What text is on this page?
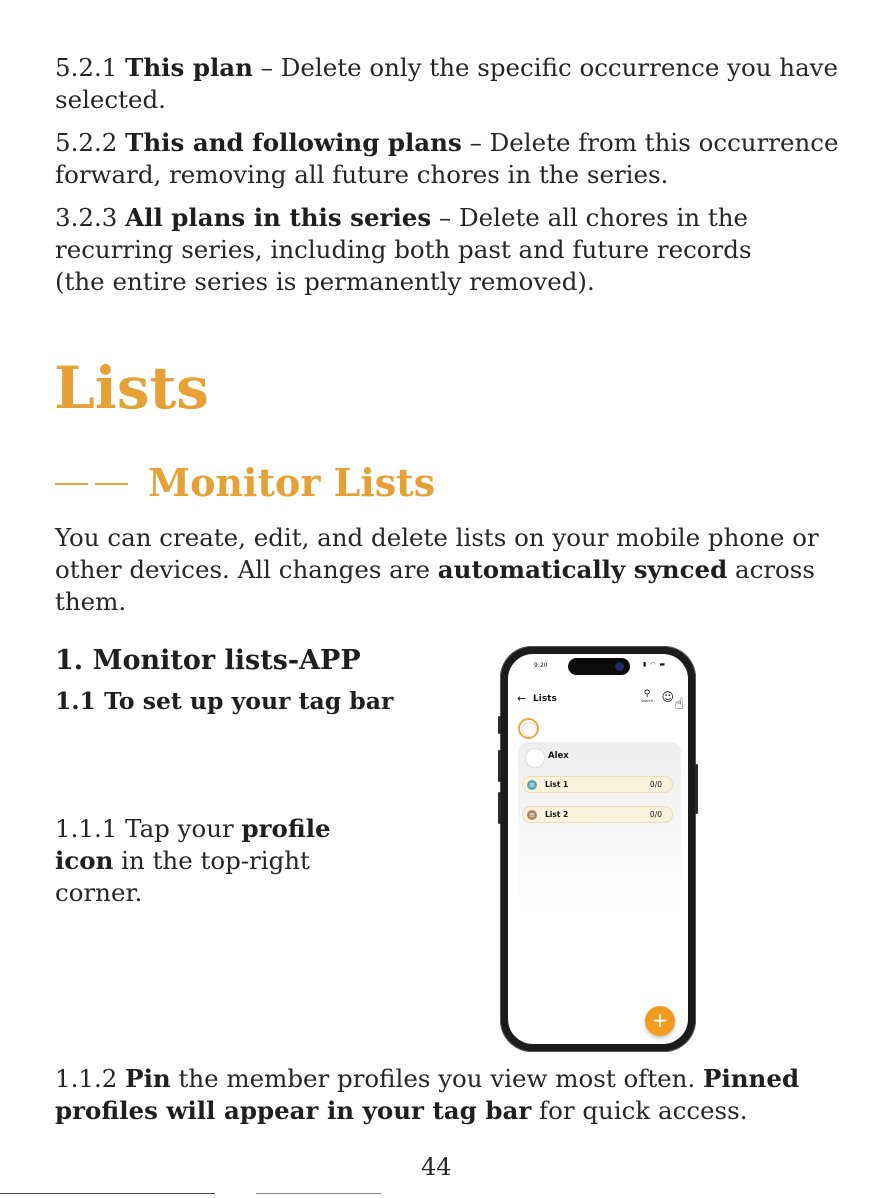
5.2.1 This plan – Delete only the specific occurrence you have selected.

5.2.2 This and following plans – Delete from this occurrence forward, removing all future chores in the series.

3.2.3 All plans in this series – Delete all chores in the recurring series, including both past and future records (the entire series is permanently removed).

Lists
Monitor Lists

You can create, edit, and delete lists on your mobile phone or other devices. All changes are automatically synced across them.

1. Monitor lists-APP
1.1 To set up your tag bar

1.1.1 Tap your profile icon in the top-right corner.

1.1.2 Pin the member profiles you view most often. Pinned profiles will appear in your tag bar for quick access.

44
9:20	▮ ◠ ▬
← Lists	⚲
Search ☺ ☝
Alex
≡ List 1	0/0
≡ List 2	0/0
+
